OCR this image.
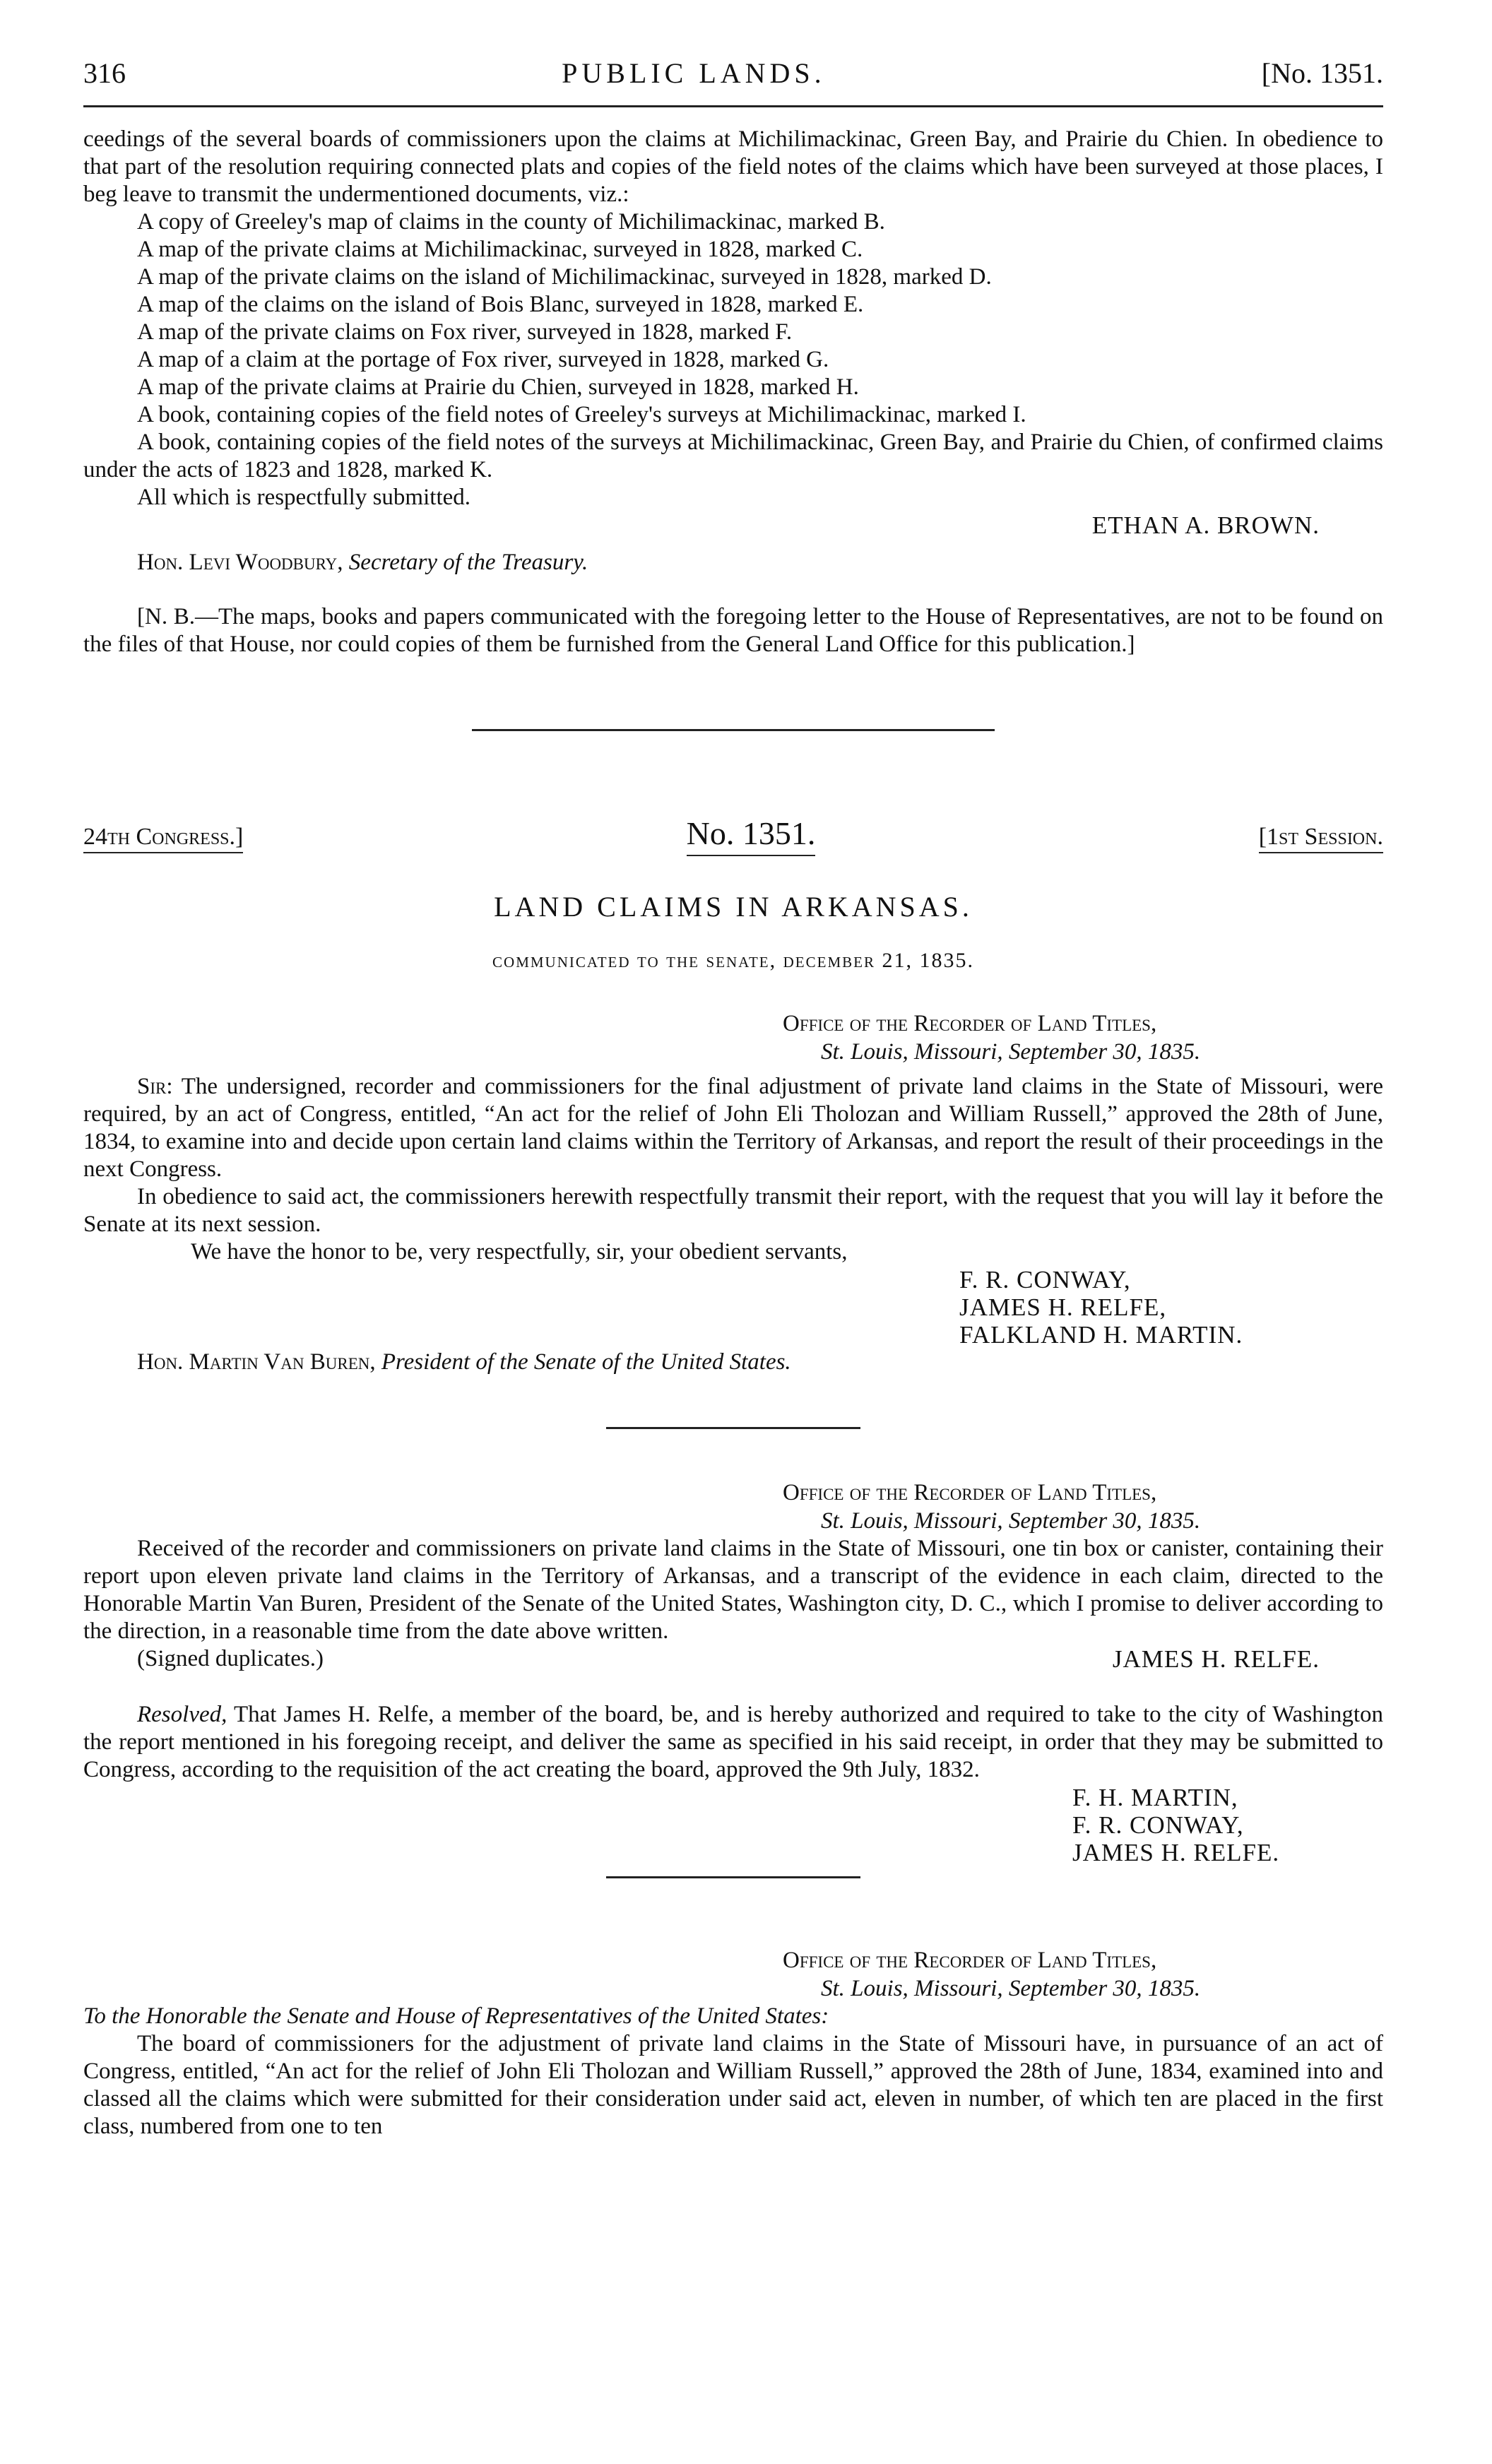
316	PUBLIC LANDS.	[No. 1351.

ceedings of the several boards of commissioners upon the claims at Michilimackinac, Green Bay, and Prairie du Chien. In obedience to that part of the resolution requiring connected plats and copies of the field notes of the claims which have been surveyed at those places, I beg leave to transmit the undermentioned documents, viz.:

A copy of Greeley's map of claims in the county of Michilimackinac, marked B.

A map of the private claims at Michilimackinac, surveyed in 1828, marked C.

A map of the private claims on the island of Michilimackinac, surveyed in 1828, marked D.

A map of the claims on the island of Bois Blanc, surveyed in 1828, marked E.

A map of the private claims on Fox river, surveyed in 1828, marked F.

A map of a claim at the portage of Fox river, surveyed in 1828, marked G.

A map of the private claims at Prairie du Chien, surveyed in 1828, marked H.

A book, containing copies of the field notes of Greeley's surveys at Michilimackinac, marked I.

A book, containing copies of the field notes of the surveys at Michilimackinac, Green Bay, and Prairie du Chien, of confirmed claims under the acts of 1823 and 1828, marked K.

All which is respectfully submitted.

ETHAN A. BROWN.

Hon. Levi Woodbury, Secretary of the Treasury.

[N. B.—The maps, books and papers communicated with the foregoing letter to the House of Representatives, are not to be found on the files of that House, nor could copies of them be furnished from the General Land Office for this publication.]

24th Congress.]	No. 1351.	[1st Session.
LAND CLAIMS IN ARKANSAS.
communicated to the senate, december 21, 1835.
Office of the Recorder of Land Titles,
St. Louis, Missouri, September 30, 1835.

Sir: The undersigned, recorder and commissioners for the final adjustment of private land claims in the State of Missouri, were required, by an act of Congress, entitled, “An act for the relief of John Eli Tholozan and William Russell,” approved the 28th of June, 1834, to examine into and decide upon certain land claims within the Territory of Arkansas, and report the result of their proceedings in the next Congress.

In obedience to said act, the commissioners herewith respectfully transmit their report, with the request that you will lay it before the Senate at its next session.

We have the honor to be, very respectfully, sir, your obedient servants,

F. R. CONWAY,
JAMES H. RELFE,
FALKLAND H. MARTIN.

Hon. Martin Van Buren, President of the Senate of the United States.

Office of the Recorder of Land Titles,
St. Louis, Missouri, September 30, 1835.

Received of the recorder and commissioners on private land claims in the State of Missouri, one tin box or canister, containing their report upon eleven private land claims in the Territory of Arkansas, and a transcript of the evidence in each claim, directed to the Honorable Martin Van Buren, President of the Senate of the United States, Washington city, D. C., which I promise to deliver according to the direction, in a reasonable time from the date above written.

(Signed duplicates.)	JAMES H. RELFE.

Resolved, That James H. Relfe, a member of the board, be, and is hereby authorized and required to take to the city of Washington the report mentioned in his foregoing receipt, and deliver the same as specified in his said receipt, in order that they may be submitted to Congress, according to the requisition of the act creating the board, approved the 9th July, 1832.

F. H. MARTIN,
F. R. CONWAY,
JAMES H. RELFE.
Office of the Recorder of Land Titles,
St. Louis, Missouri, September 30, 1835.

To the Honorable the Senate and House of Representatives of the United States:

The board of commissioners for the adjustment of private land claims in the State of Missouri have, in pursuance of an act of Congress, entitled, “An act for the relief of John Eli Tholozan and William Russell,” approved the 28th of June, 1834, examined into and classed all the claims which were submitted for their consideration under said act, eleven in number, of which ten are placed in the first class, numbered from one to ten
